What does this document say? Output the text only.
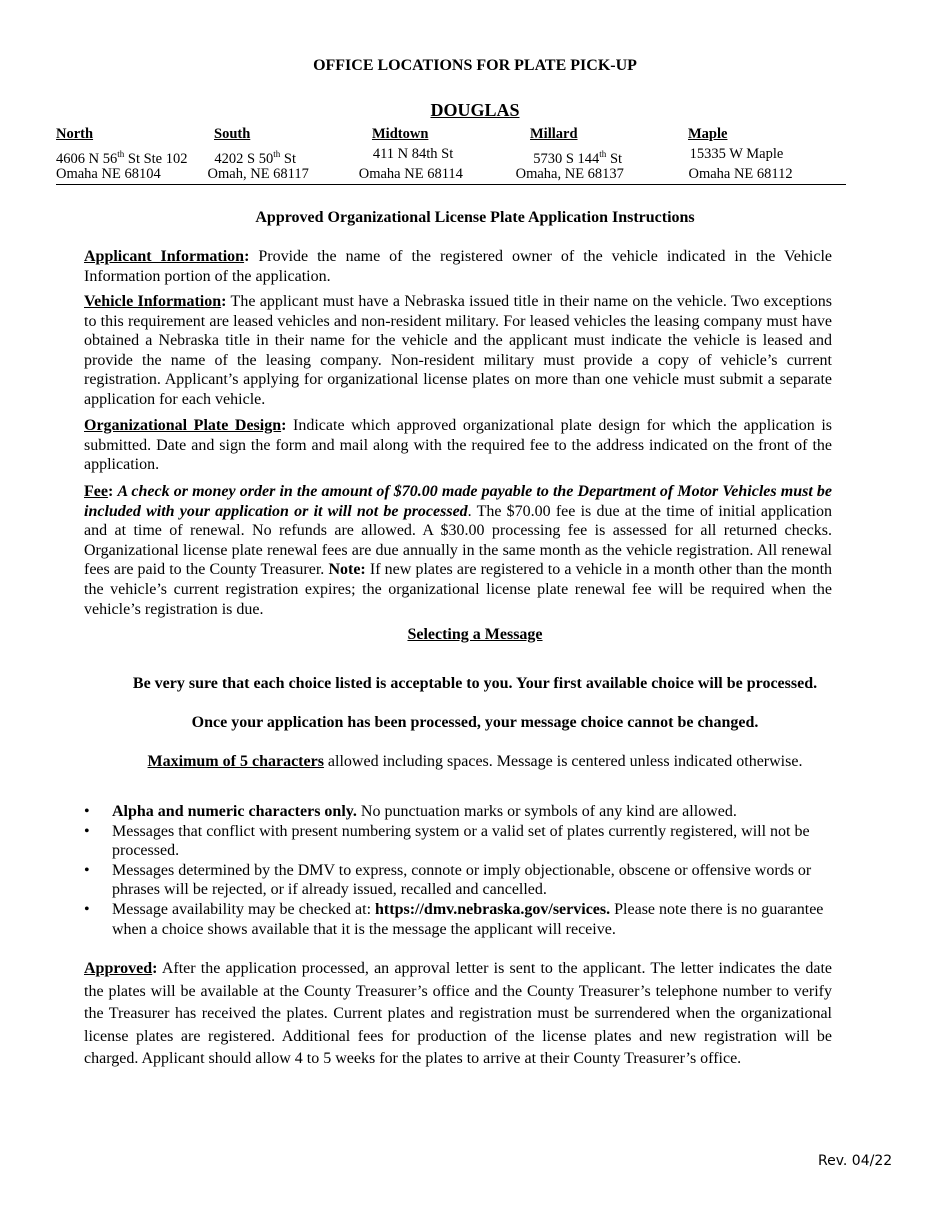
OFFICE LOCATIONS FOR PLATE PICK-UP
DOUGLAS
North	South	Midtown	Millard	Maple
4606 N 56th St Ste 102	4202 S 50th St	411 N 84th St	5730 S 144th St	15335 W Maple
Omaha NE 68104	Omah, NE 68117	Omaha NE 68114	Omaha, NE 68137	Omaha NE 68112
Approved Organizational License Plate Application Instructions
Applicant Information: Provide the name of the registered owner of the vehicle indicated in the Vehicle Information portion of the application.
Vehicle Information: The applicant must have a Nebraska issued title in their name on the vehicle. Two exceptions to this requirement are leased vehicles and non-resident military. For leased vehicles the leasing company must have obtained a Nebraska title in their name for the vehicle and the applicant must indicate the vehicle is leased and provide the name of the leasing company. Non-resident military must provide a copy of vehicle’s current registration. Applicant’s applying for organizational license plates on more than one vehicle must submit a separate application for each vehicle.
Organizational Plate Design: Indicate which approved organizational plate design for which the application is submitted. Date and sign the form and mail along with the required fee to the address indicated on the front of the application.
Fee: A check or money order in the amount of $70.00 made payable to the Department of Motor Vehicles must be included with your application or it will not be processed. The $70.00 fee is due at the time of initial application and at time of renewal. No refunds are allowed. A $30.00 processing fee is assessed for all returned checks. Organizational license plate renewal fees are due annually in the same month as the vehicle registration. All renewal fees are paid to the County Treasurer. Note: If new plates are registered to a vehicle in a month other than the month the vehicle’s current registration expires; the organizational license plate renewal fee will be required when the vehicle’s registration is due.
Selecting a Message
Be very sure that each choice listed is acceptable to you. Your first available choice will be processed.
Once your application has been processed, your message choice cannot be changed.
Maximum of 5 characters allowed including spaces. Message is centered unless indicated otherwise.
• Alpha and numeric characters only. No punctuation marks or symbols of any kind are allowed.
• Messages that conflict with present numbering system or a valid set of plates currently registered, will not be processed.
• Messages determined by the DMV to express, connote or imply objectionable, obscene or offensive words or phrases will be rejected, or if already issued, recalled and cancelled.
• Message availability may be checked at: https://dmv.nebraska.gov/services. Please note there is no guarantee when a choice shows available that it is the message the applicant will receive.
Approved: After the application processed, an approval letter is sent to the applicant. The letter indicates the date the plates will be available at the County Treasurer’s office and the County Treasurer’s telephone number to verify the Treasurer has received the plates. Current plates and registration must be surrendered when the organizational license plates are registered. Additional fees for production of the license plates and new registration will be charged. Applicant should allow 4 to 5 weeks for the plates to arrive at their County Treasurer’s office.
Rev. 04/22
